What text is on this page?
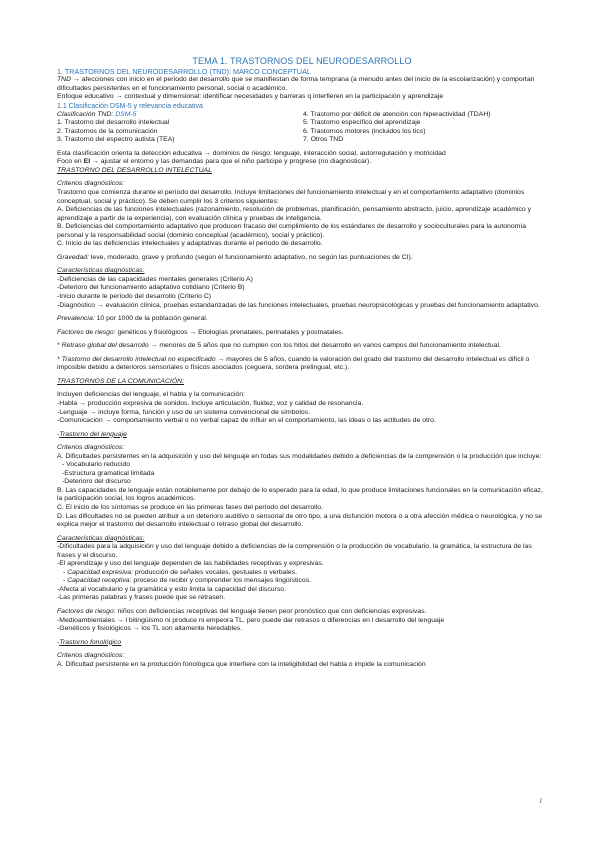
TEMA 1. TRASTORNOS DEL NEURODESARROLLO

1. TRASTORNOS DEL NEURODESARROLLO (TND): MARCO CONCEPTUAL

TND → afecciones con inicio en el período del desarrollo que se manifiestan de forma temprana (a menudo antes del inicio de la escolarización) y comportan dificultades persistentes en el funcionamiento personal, social o académico.

Enfoque educativo → contextual y dimensional: identificar necesidades y barreras q interfieren en la participación y aprendizaje

1.1 Clasificación DSM-5 y relevancia educativa

Clasificación TND: DSM-5

1. Trastorno del desarrollo intelectual
2. Trastornos de la comunicación
3. Trastorno del espectro autista (TEA)
4. Trastorno por déficit de atención con hiperactividad (TDAH)
5. Trastorno específico del aprendizaje
6. Trastornos motores (incluidos los tics)
7. Otros TND

Esta clasificación orienta la detección educativa → dominios de riesgo: lenguaje, interacción social, autorregulación y motricidad

Foco en EI → ajustar el entorno y las demandas para que el niño participe y progrese (no diagnosticar).

TRASTORNO DEL DESARROLLO INTELECTUAL

Criterios diagnósticos:

Trastorno que comienza durante el período del desarrollo. Incluye limitaciones del funcionamiento intelectual y en el comportamiento adaptativo (dominios conceptual, social y práctico). Se deben cumplir los 3 criterios siguientes:

A. Deficiencias de las funciones intelectuales (razonamiento, resolución de problemas, planificación, pensamiento abstracto, juicio, aprendizaje académico y aprendizaje a partir de la experiencia), con evaluación clínica y pruebas de inteligencia.

B. Deficiencias del comportamiento adaptativo que producen fracaso del cumplimiento de los estándares de desarrollo y socioculturales para la autonomía personal y la responsabilidad social (dominio conceptual (académico), social y práctico).

C. Inicio de las deficiencias intelectuales y adaptativas durante el período de desarrollo.

Gravedad: leve, moderado, grave y profundo (según el funcionamiento adaptativo, no según las puntuaciones de CI).

Características diagnósticas:

-Deficiencias de las capacidades mentales generales (Criterio A)

-Deterioro del funcionamiento adaptativo cotidiano (Criterio B)

-Inicio durante le período del desarrollo (Criterio C)

-Diagnóstico → evaluación clínica, pruebas estandarizadas de las funciones intelectuales, pruebas neuropsicológicas y pruebas del funcionamiento adaptativo.

Prevalencia: 10 por 1000 de la población general.

Factores de riesgo: genéticos y fisiológicos → Etiologías prenatales, perinatales y postnatales.

* Retraso global del desarrollo → menores de 5 años que no cumplen con los hitos del desarrollo en varios campos del funcionamiento intelectual.

* Trastorno del desarrollo intelectual no especificado → mayores de 5 años, cuando la valoración del grado del trastorno del desarrollo intelectual es difícil o imposible debido a deterioros sensoriales o físicos asociados (ceguera, sordera prelingual, etc.).

TRASTORNOS DE LA COMUNICACIÓN:

Incluyen deficiencias del lenguaje, el habla y la comunicación:

-Habla → producción expresiva de sonidos. Incluye articulación, fluidez, voz y calidad de resonancia.

-Lenguaje → incluye forma, función y uso de un sistema convencional de símbolos.

-Comunicación → comportamiento verbal o no verbal capaz de influir en el comportamiento, las ideas o las actitudes de otro.

-Trastorno del lenguaje

Criterios diagnósticos:

A. Dificultades persistentes en la adquisición y uso del lenguaje en todas sus modalidades debido a deficiencias de la comprensión o la producción que incluye:

- Vocabulario reducido

-Estructura gramatical limitada

-Deterioro del discurso

B. Las capacidades de lenguaje están notablemente por debajo de lo esperado para la edad, lo que produce limitaciones funcionales en la comunicación eficaz, la participación social, los logros académicos.

C. El inicio de los síntomas se produce en las primeras fases del período del desarrollo.

D. Las dificultades no se pueden atribuir a un deterioro auditivo o sensorial de otro tipo, a una disfunción motora o a otra afección médica o neurológica, y no se explica mejor el trastorno del desarrollo intelectual o retraso global del desarrollo.

Características diagnósticas:

-Dificultades para la adquisición y uso del lenguaje debido a deficiencias de la comprensión o la producción de vocabulario, la gramática, la estructura de las frases y el discurso.

-El aprendizaje y uso del lenguaje dependen de las habilidades receptivas y expresivas.

- Capacidad expresiva: producción de señales vocales, gestuales o verbales.

- Capacidad receptiva: proceso de recibir y comprender los mensajes lingüísticos.

-Afecta al vocabulario y la gramática y esto limita la capacidad del discurso.

-Las primeras palabras y frases puede que se retrasen.

Factores de riesgo: niños con deficiencias receptivas del lenguaje tienen peor pronóstico que con deficiencias expresivas.

-Medioambientales → l bilingüismo ni produce ni empeora TL, pero puede dar retrasos o diferencias en l desarrollo del lenguaje

-Genéticos y fisiológicos → los TL son altamente heredables.

-Trastorno fonológico

Criterios diagnósticos:

A. Dificultad persistente en la producción fonológica que interfiere con la inteligibilidad del habla o impide la comunicación

1
